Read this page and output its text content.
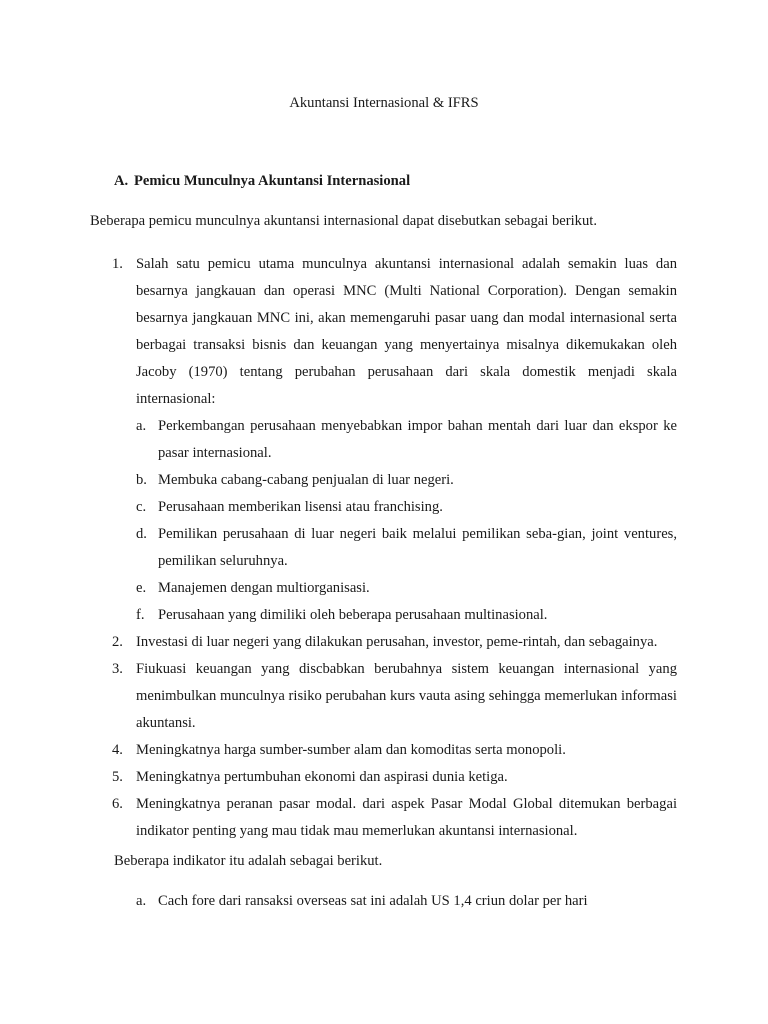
Akuntansi Internasional & IFRS
A. Pemicu Munculnya Akuntansi Internasional
Beberapa pemicu munculnya akuntansi internasional dapat disebutkan sebagai berikut.
1. Salah satu pemicu utama munculnya akuntansi internasional adalah semakin luas dan besarnya jangkauan dan operasi MNC (Multi National Corporation). Dengan semakin besarnya jangkauan MNC ini, akan memengaruhi pasar uang dan modal internasional serta berbagai transaksi bisnis dan keuangan yang menyertainya misalnya dikemukakan oleh Jacoby (1970) tentang perubahan perusahaan dari skala domestik menjadi skala internasional:
a. Perkembangan perusahaan menyebabkan impor bahan mentah dari luar dan ekspor ke pasar internasional.
b. Membuka cabang-cabang penjualan di luar negeri.
c. Perusahaan memberikan lisensi atau franchising.
d. Pemilikan perusahaan di luar negeri baik melalui pemilikan seba-gian, joint ventures, pemilikan seluruhnya.
e. Manajemen dengan multiorganisasi.
f. Perusahaan yang dimiliki oleh beberapa perusahaan multinasional.
2. Investasi di luar negeri yang dilakukan perusahan, investor, peme-rintah, dan sebagainya.
3. Fiukuasi keuangan yang discbabkan berubahnya sistem keuangan internasional yang menimbulkan munculnya risiko perubahan kurs vauta asing sehingga memerlukan informasi akuntansi.
4. Meningkatnya harga sumber-sumber alam dan komoditas serta monopoli.
5. Meningkatnya pertumbuhan ekonomi dan aspirasi dunia ketiga.
6. Meningkatnya peranan pasar modal. dari aspek Pasar Modal Global ditemukan berbagai indikator penting yang mau tidak mau memerlukan akuntansi internasional.
Beberapa indikator itu adalah sebagai berikut.
a. Cach fore dari ransaksi overseas sat ini adalah US 1,4 criun dolar per hari
